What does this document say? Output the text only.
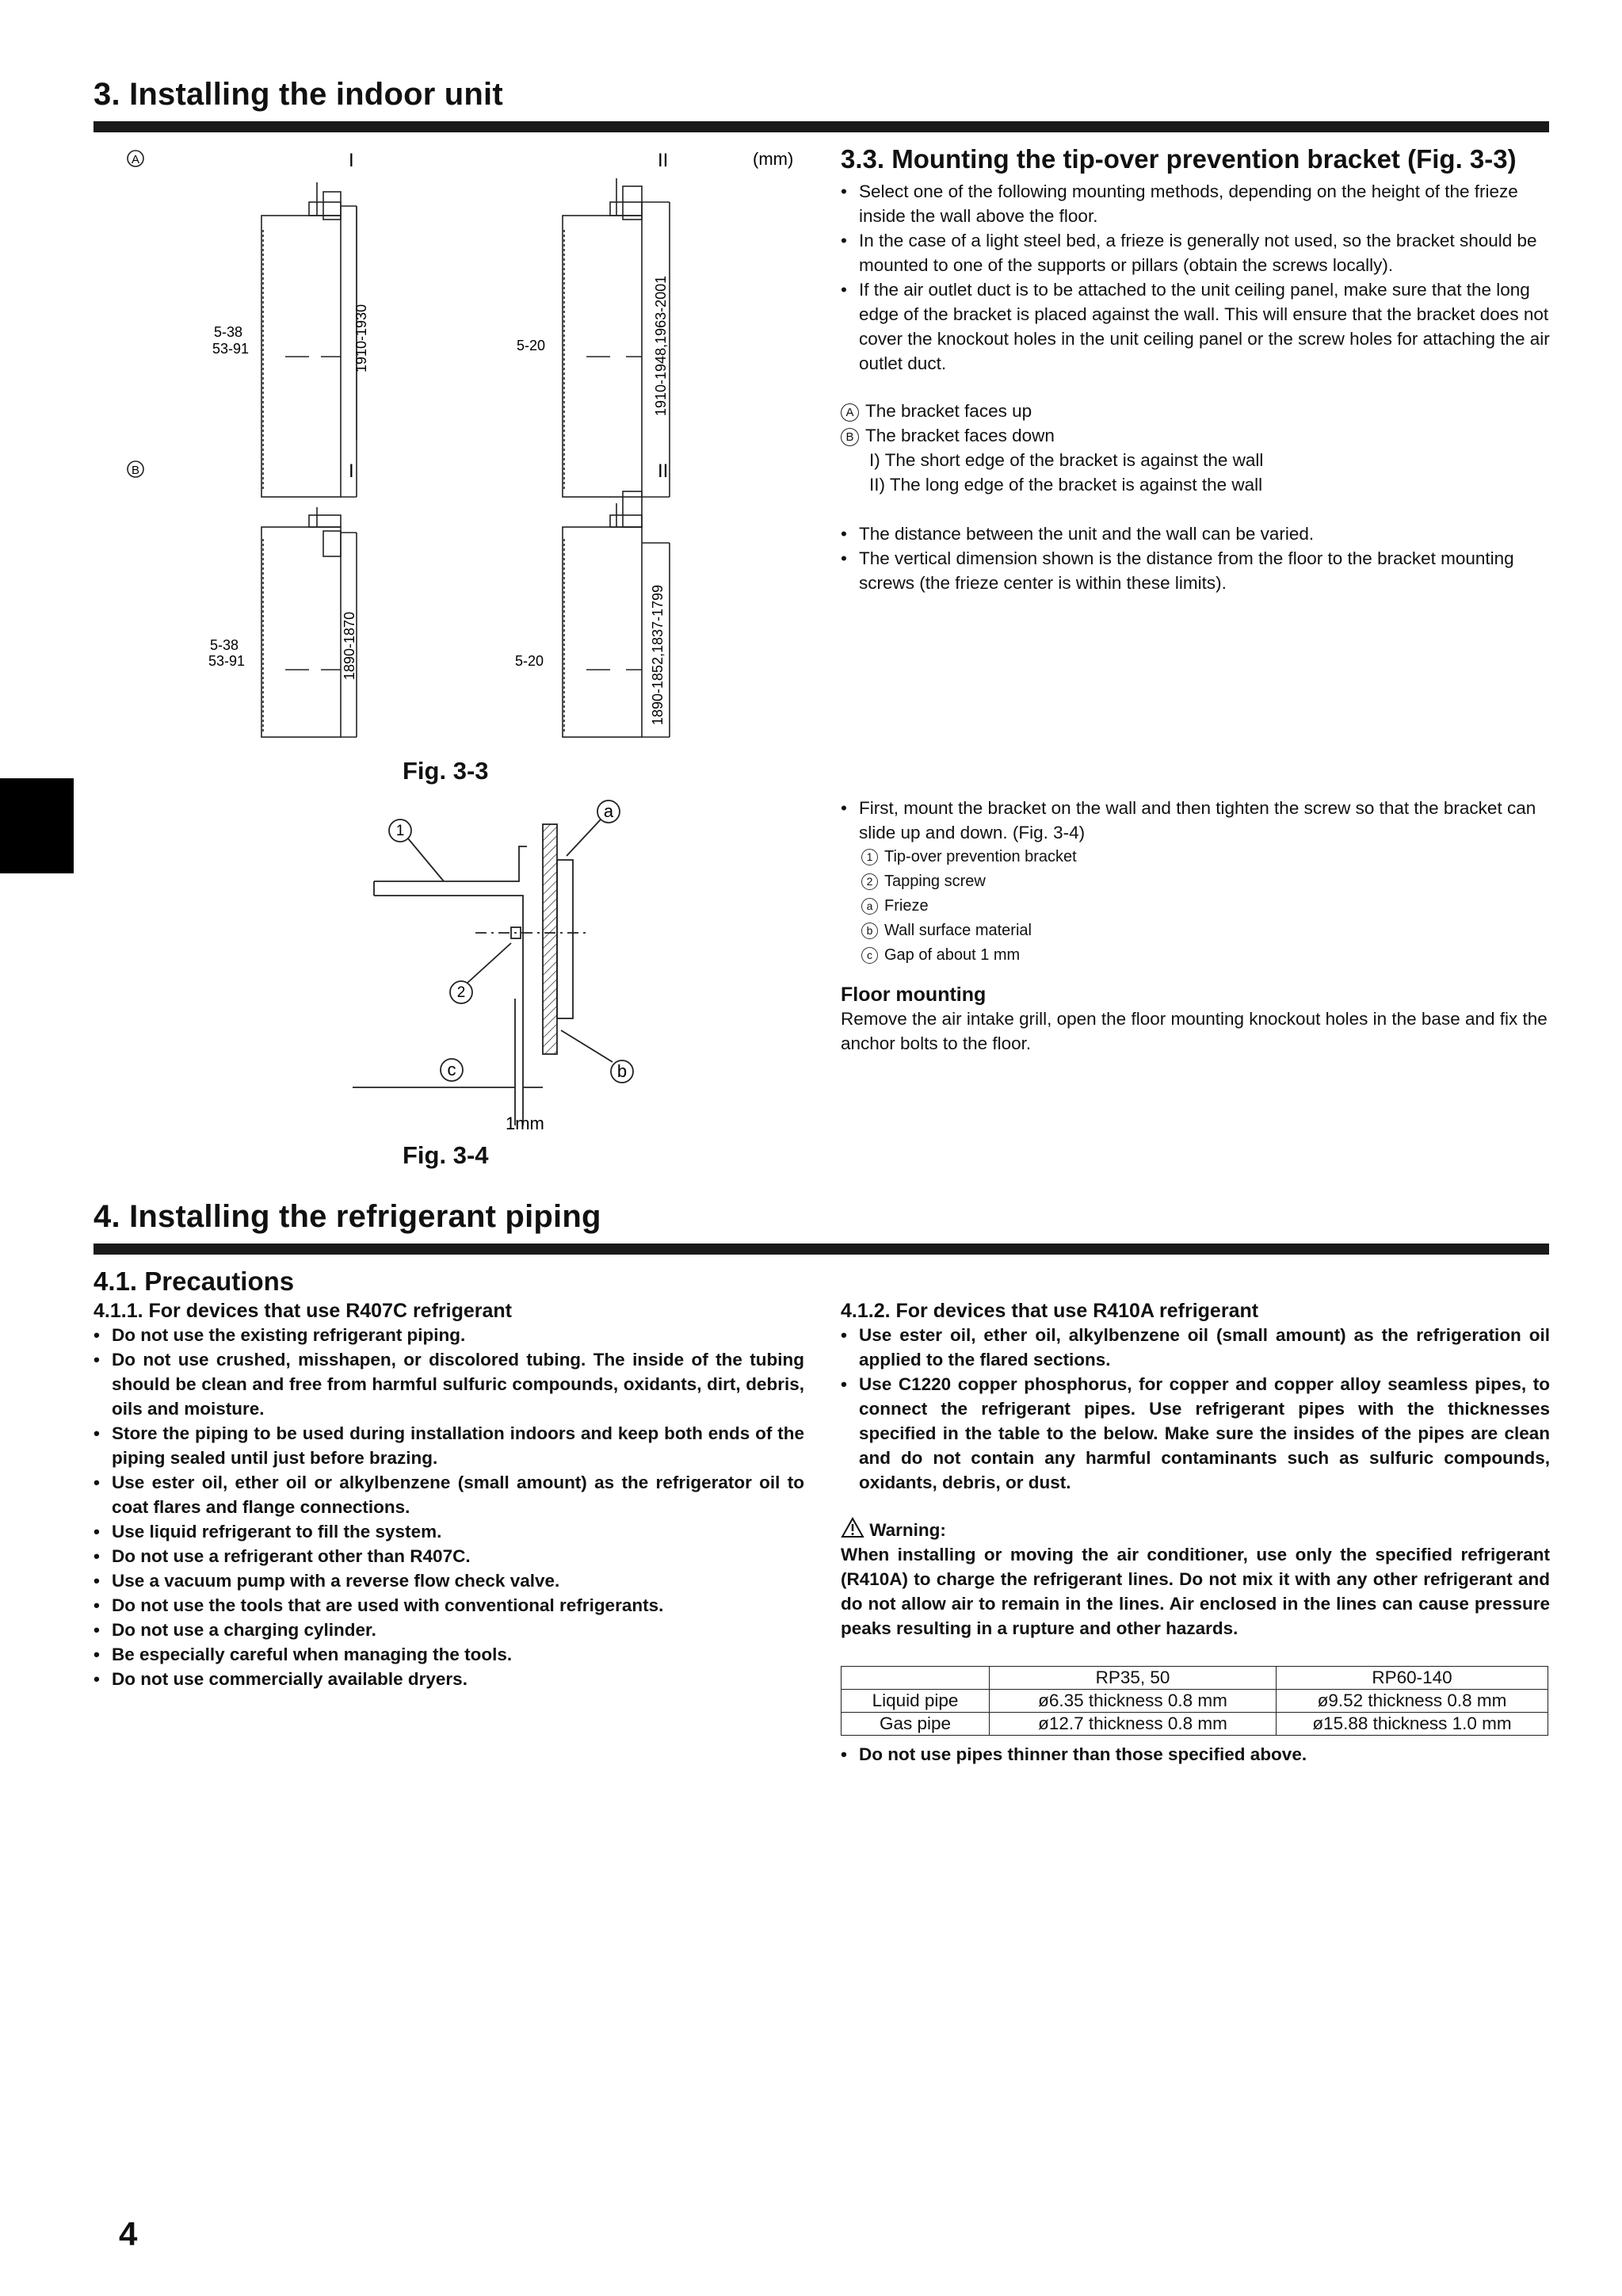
3. Installing the indoor unit
A
B
I	II
I	II
(mm)
5-38
53-91	1910-1930	5-20	1910-1948,1963-2001
5-38
53-91	1890-1870	5-20	1890-1852,1837-1799
Fig. 3-3
1
a
2
c	b
1mm
Fig. 3-4
3.3. Mounting the tip-over prevention bracket (Fig. 3-3)
• Select one of the following mounting methods, depending on the height of the frieze inside the wall above the floor.
• In the case of a light steel bed, a frieze is generally not used, so the bracket should be mounted to one of the supports or pillars (obtain the screws locally).
• If the air outlet duct is to be attached to the unit ceiling panel, make sure that the long edge of the bracket is placed against the wall. This will ensure that the bracket does not cover the knockout holes in the unit ceiling panel or the screw holes for attaching the air outlet duct.
A The bracket faces up
B The bracket faces down
I) The short edge of the bracket is against the wall
II) The long edge of the bracket is against the wall
• The distance between the unit and the wall can be varied.
• The vertical dimension shown is the distance from the floor to the bracket mounting screws (the frieze center is within these limits).
• First, mount the bracket on the wall and then tighten the screw so that the bracket can slide up and down. (Fig. 3-4)
1 Tip-over prevention bracket
2 Tapping screw
a Frieze
b Wall surface material
c Gap of about 1 mm
Floor mounting
Remove the air intake grill, open the floor mounting knockout holes in the base and fix the anchor bolts to the floor.
4. Installing the refrigerant piping
4.1. Precautions
4.1.1. For devices that use R407C refrigerant
• Do not use the existing refrigerant piping.
• Do not use crushed, misshapen, or discolored tubing. The inside of the tubing should be clean and free from harmful sulfuric compounds, oxidants, dirt, debris, oils and moisture.
• Store the piping to be used during installation indoors and keep both ends of the piping sealed until just before brazing.
• Use ester oil, ether oil or alkylbenzene (small amount) as the refrigerator oil to coat flares and flange connections.
• Use liquid refrigerant to fill the system.
• Do not use a refrigerant other than R407C.
• Use a vacuum pump with a reverse flow check valve.
• Do not use the tools that are used with conventional refrigerants.
• Do not use a charging cylinder.
• Be especially careful when managing the tools.
• Do not use commercially available dryers.
4.1.2. For devices that use R410A refrigerant
• Use ester oil, ether oil, alkylbenzene oil (small amount) as the refrigeration oil applied to the flared sections.
• Use C1220 copper phosphorus, for copper and copper alloy seamless pipes, to connect the refrigerant pipes. Use refrigerant pipes with the thicknesses specified in the table to the below. Make sure the insides of the pipes are clean and do not contain any harmful contaminants such as sulfuric compounds, oxidants, debris, or dust.
Warning:
When installing or moving the air conditioner, use only the specified refrigerant (R410A) to charge the refrigerant lines. Do not mix it with any other refrigerant and do not allow air to remain in the lines. Air enclosed in the lines can cause pressure peaks resulting in a rupture and other hazards.
	RP35, 50	RP60-140
Liquid pipe	ø6.35 thickness 0.8 mm	ø9.52 thickness 0.8 mm
Gas pipe	ø12.7 thickness 0.8 mm	ø15.88 thickness 1.0 mm
• Do not use pipes thinner than those specified above.
4
